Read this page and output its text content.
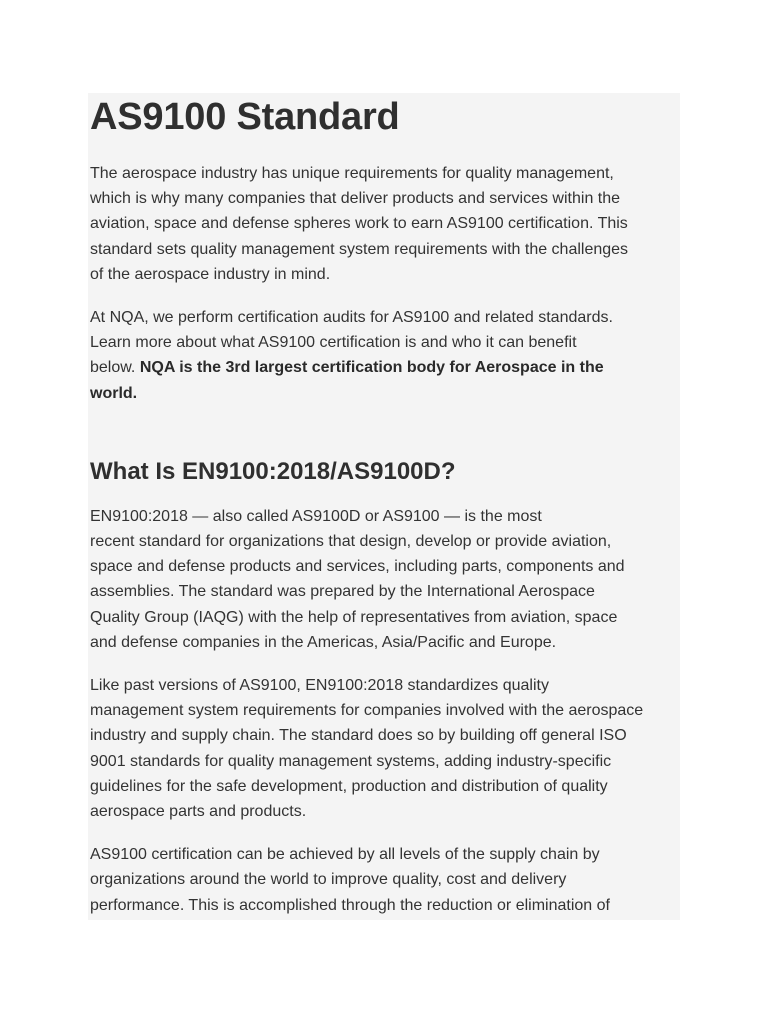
AS9100 Standard

The aerospace industry has unique requirements for quality management,
which is why many companies that deliver products and services within the
aviation, space and defense spheres work to earn AS9100 certification. This
standard sets quality management system requirements with the challenges
of the aerospace industry in mind.

At NQA, we perform certification audits for AS9100 and related standards.
Learn more about what AS9100 certification is and who it can benefit
below. NQA is the 3rd largest certification body for Aerospace in the
world.

What Is EN9100:2018/AS9100D?

EN9100:2018 — also called AS9100D or AS9100 — is the most
recent standard for organizations that design, develop or provide aviation,
space and defense products and services, including parts, components and
assemblies. The standard was prepared by the International Aerospace
Quality Group (IAQG) with the help of representatives from aviation, space
and defense companies in the Americas, Asia/Pacific and Europe.

Like past versions of AS9100, EN9100:2018 standardizes quality
management system requirements for companies involved with the aerospace
industry and supply chain. The standard does so by building off general ISO
9001 standards for quality management systems, adding industry-specific
guidelines for the safe development, production and distribution of quality
aerospace parts and products.

AS9100 certification can be achieved by all levels of the supply chain by
organizations around the world to improve quality, cost and delivery
performance. This is accomplished through the reduction or elimination of
